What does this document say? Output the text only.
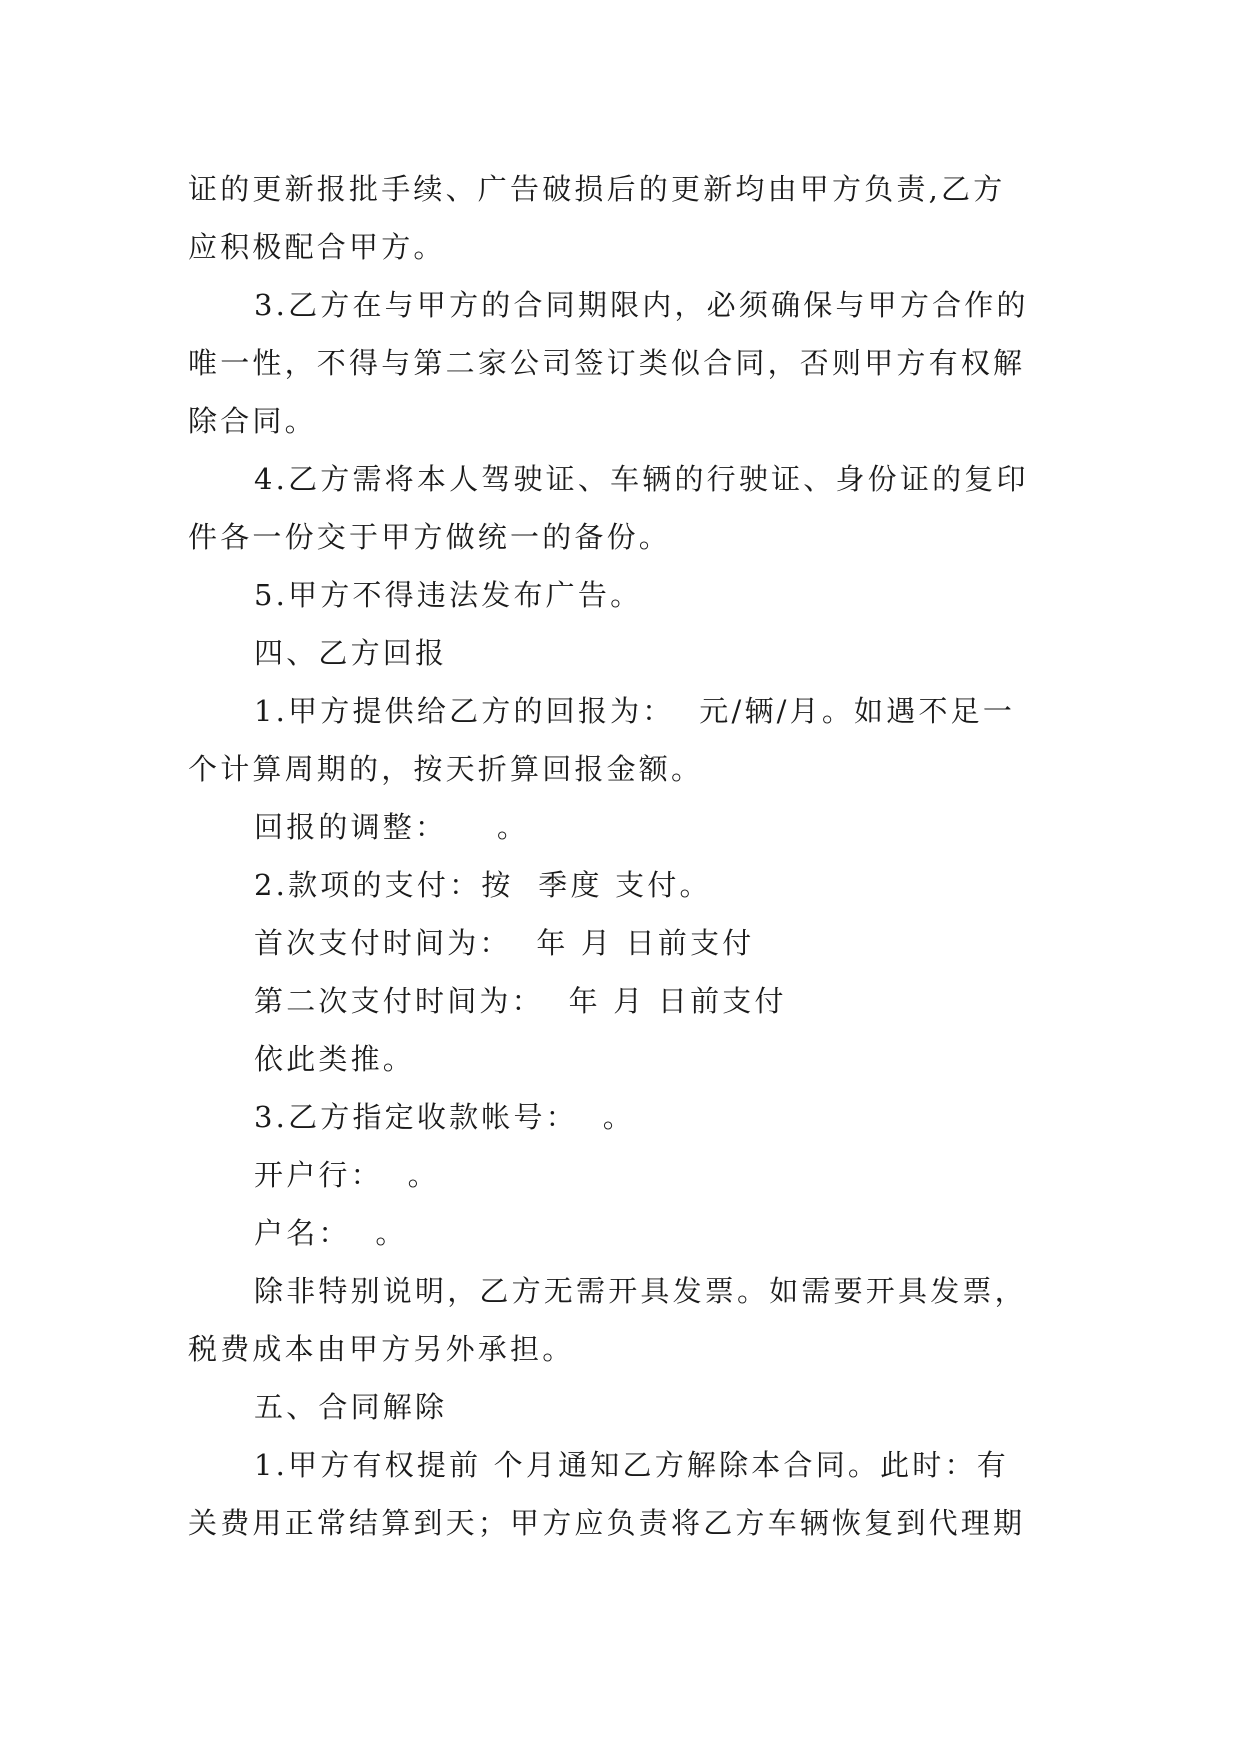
证的更新报批手续、广告破损后的更新均由甲方负责,乙方
应积极配合甲方。
3.乙方在与甲方的合同期限内，必须确保与甲方合作的
唯一性，不得与第二家公司签订类似合同，否则甲方有权解
除合同。
4.乙方需将本人驾驶证、车辆的行驶证、身份证的复印
件各一份交于甲方做统一的备份。
5.甲方不得违法发布广告。
四、乙方回报
1.甲方提供给乙方的回报为：  元/辆/月。如遇不足一
个计算周期的，按天折算回报金额。
回报的调整：    。
2.款项的支付：按  季度 支付。
首次支付时间为：  年 月 日前支付
第二次支付时间为：  年 月 日前支付
依此类推。
3.乙方指定收款帐号：  。
开户行：  。
户名：  。
除非特别说明，乙方无需开具发票。如需要开具发票，
税费成本由甲方另外承担。
五、合同解除
1.甲方有权提前 个月通知乙方解除本合同。此时：有
关费用正常结算到天；甲方应负责将乙方车辆恢复到代理期
